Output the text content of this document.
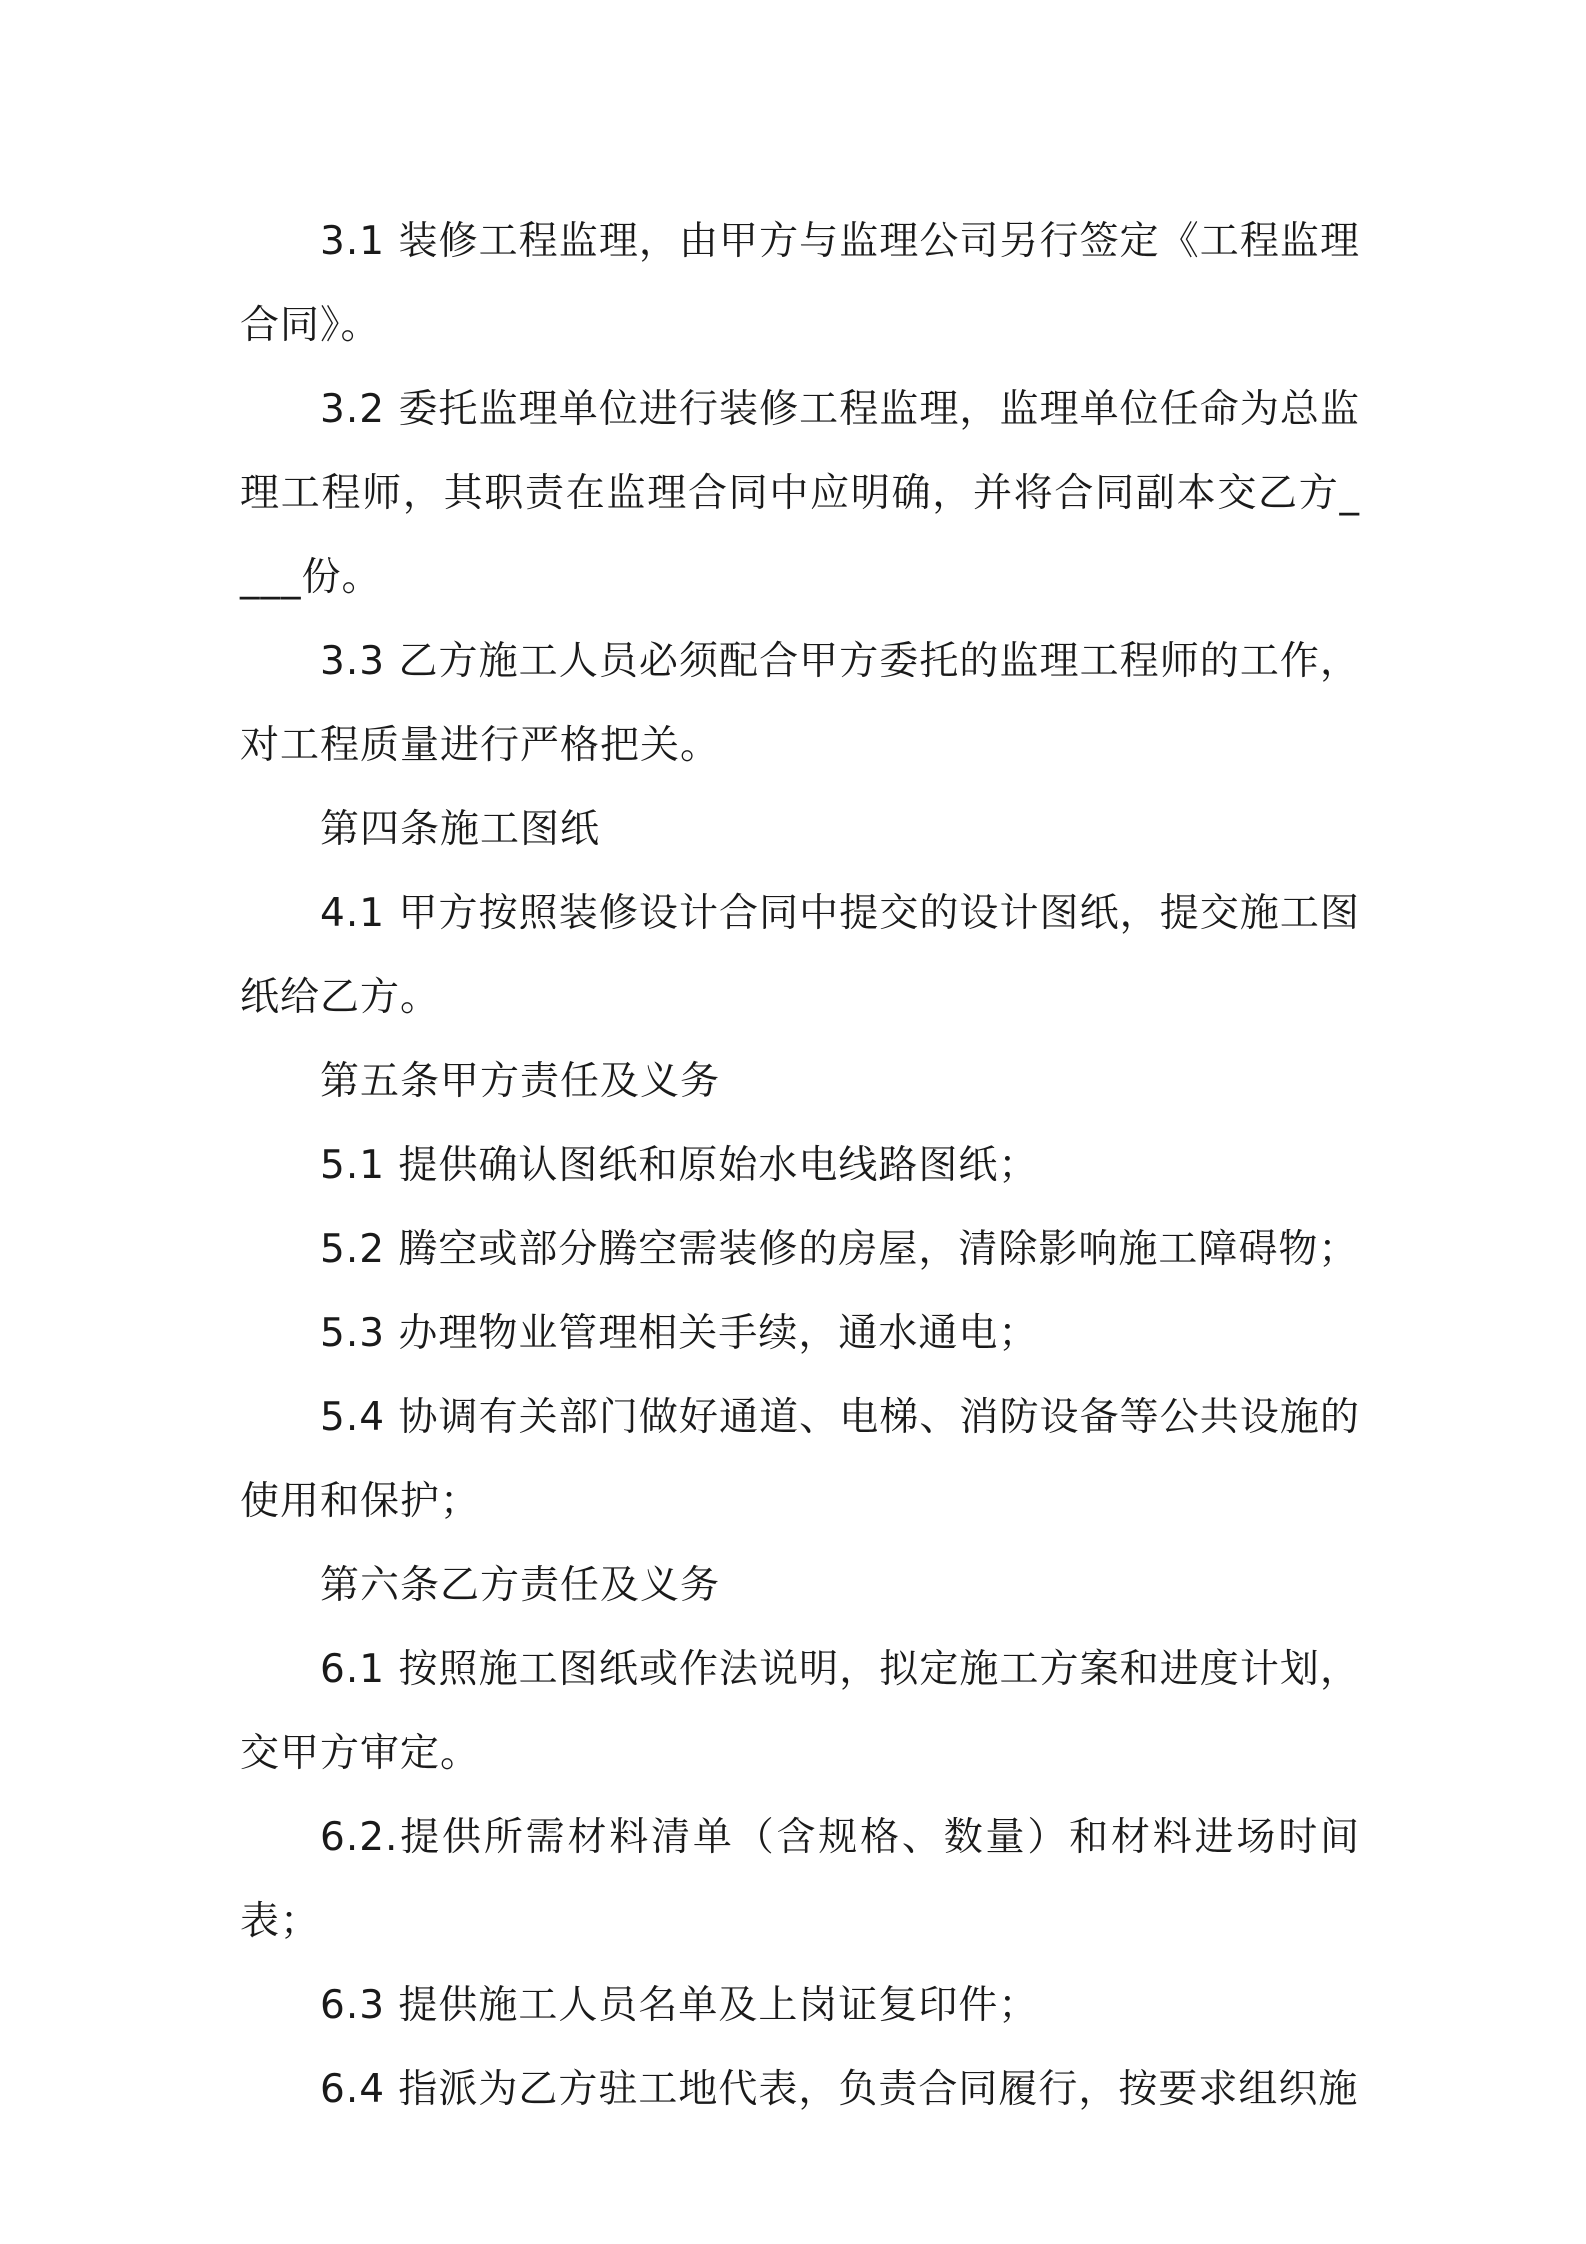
3.1 装修工程监理，由甲方与监理公司另行签定《工程监理合同》。

3.2 委托监理单位进行装修工程监理，监理单位任命为总监理工程师，其职责在监理合同中应明确，并将合同副本交乙方____份。

3.3 乙方施工人员必须配合甲方委托的监理工程师的工作，对工程质量进行严格把关。

第四条施工图纸

4.1 甲方按照装修设计合同中提交的设计图纸，提交施工图纸给乙方。

第五条甲方责任及义务

5.1 提供确认图纸和原始水电线路图纸；

5.2 腾空或部分腾空需装修的房屋，清除影响施工障碍物；

5.3 办理物业管理相关手续，通水通电；

5.4 协调有关部门做好通道、电梯、消防设备等公共设施的使用和保护；

第六条乙方责任及义务

6.1 按照施工图纸或作法说明，拟定施工方案和进度计划，交甲方审定。

6.2.提供所需材料清单（含规格、数量）和材料进场时间表；

6.3 提供施工人员名单及上岗证复印件；

6.4 指派为乙方驻工地代表，负责合同履行，按要求组织施
